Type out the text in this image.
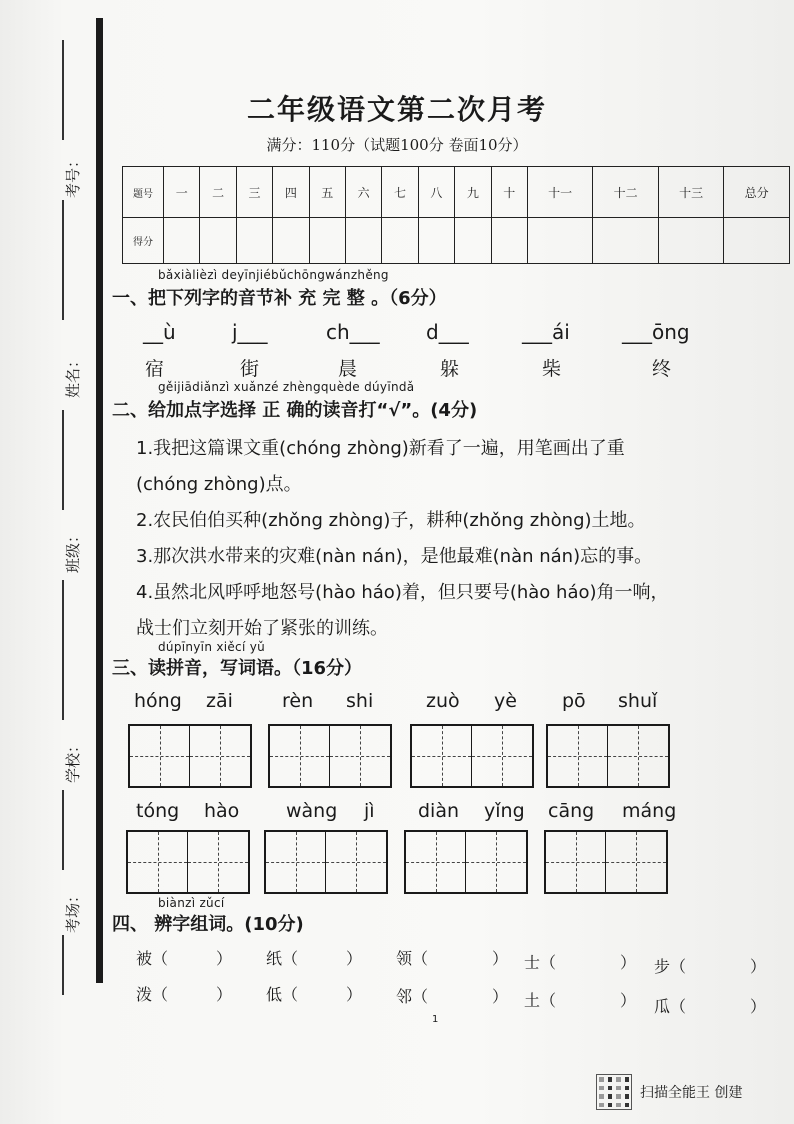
考号：
姓名：
班级：
学校：
考场：
二年级语文第二次月考
满分：110分（试题100分 卷面10分）
题号	一	二	三	四	五	六	七	八	九	十	十一	十二	十三	总分
得分														
bǎxiàlièzì deyīnjiébǔchōngwánzhěng
一、把下列字的音节补 充 完 整 。（6分）
__ù	j___	ch___ d___	___ái	___ōng
宿	街	晨	躲	柴	终
gěijiādiǎnzì xuǎnzé zhèngquède dúyīndǎ
二、给加点字选择 正 确的读音打“√”。(4分)
1.我把这篇课文重(chóng zhòng)新看了一遍，用笔画出了重
(chóng zhòng)点。
2.农民伯伯买种(zhǒng zhòng)子，耕种(zhǒng zhòng)土地。
3.那次洪水带来的灾难(nàn nán)，是他最难(nàn nán)忘的事。
4.虽然北风呼呼地怒号(hào háo)着，但只要号(hào háo)角一响，
战士们立刻开始了紧张的训练。
dúpīnyīn xiěcí yǔ
三、读拼音，写词语。（16分）
hóng zāi	rèn shi	zuò yè pō shuǐ
tóng hào wàng jì diàn yǐng cāng máng
biànzì zǔcí
四、 辨字组词。(10分)
被（   ） 纸（   ） 领（    ） 士（    ） 步（    ）
泼（   ） 低（   ） 邻（    ） 土（    ） 瓜（    ）
1
扫描全能王 创建
